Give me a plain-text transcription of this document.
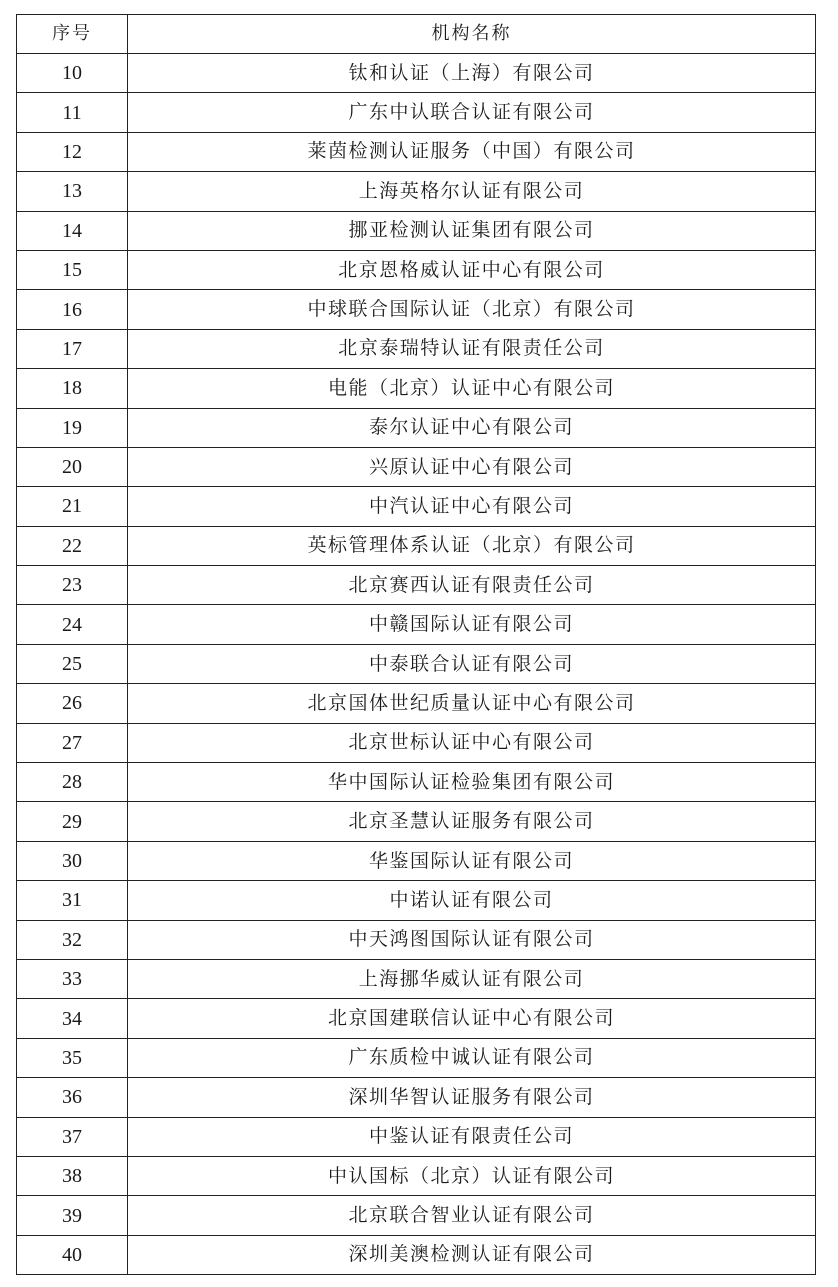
序号	机构名称
10	钛和认证（上海）有限公司
11	广东中认联合认证有限公司
12	莱茵检测认证服务（中国）有限公司
13	上海英格尔认证有限公司
14	挪亚检测认证集团有限公司
15	北京恩格威认证中心有限公司
16	中球联合国际认证（北京）有限公司
17	北京泰瑞特认证有限责任公司
18	电能（北京）认证中心有限公司
19	泰尔认证中心有限公司
20	兴原认证中心有限公司
21	中汽认证中心有限公司
22	英标管理体系认证（北京）有限公司
23	北京赛西认证有限责任公司
24	中赣国际认证有限公司
25	中泰联合认证有限公司
26	北京国体世纪质量认证中心有限公司
27	北京世标认证中心有限公司
28	华中国际认证检验集团有限公司
29	北京圣慧认证服务有限公司
30	华鉴国际认证有限公司
31	中诺认证有限公司
32	中天鸿图国际认证有限公司
33	上海挪华威认证有限公司
34	北京国建联信认证中心有限公司
35	广东质检中诚认证有限公司
36	深圳华智认证服务有限公司
37	中鉴认证有限责任公司
38	中认国标（北京）认证有限公司
39	北京联合智业认证有限公司
40	深圳美澳检测认证有限公司
